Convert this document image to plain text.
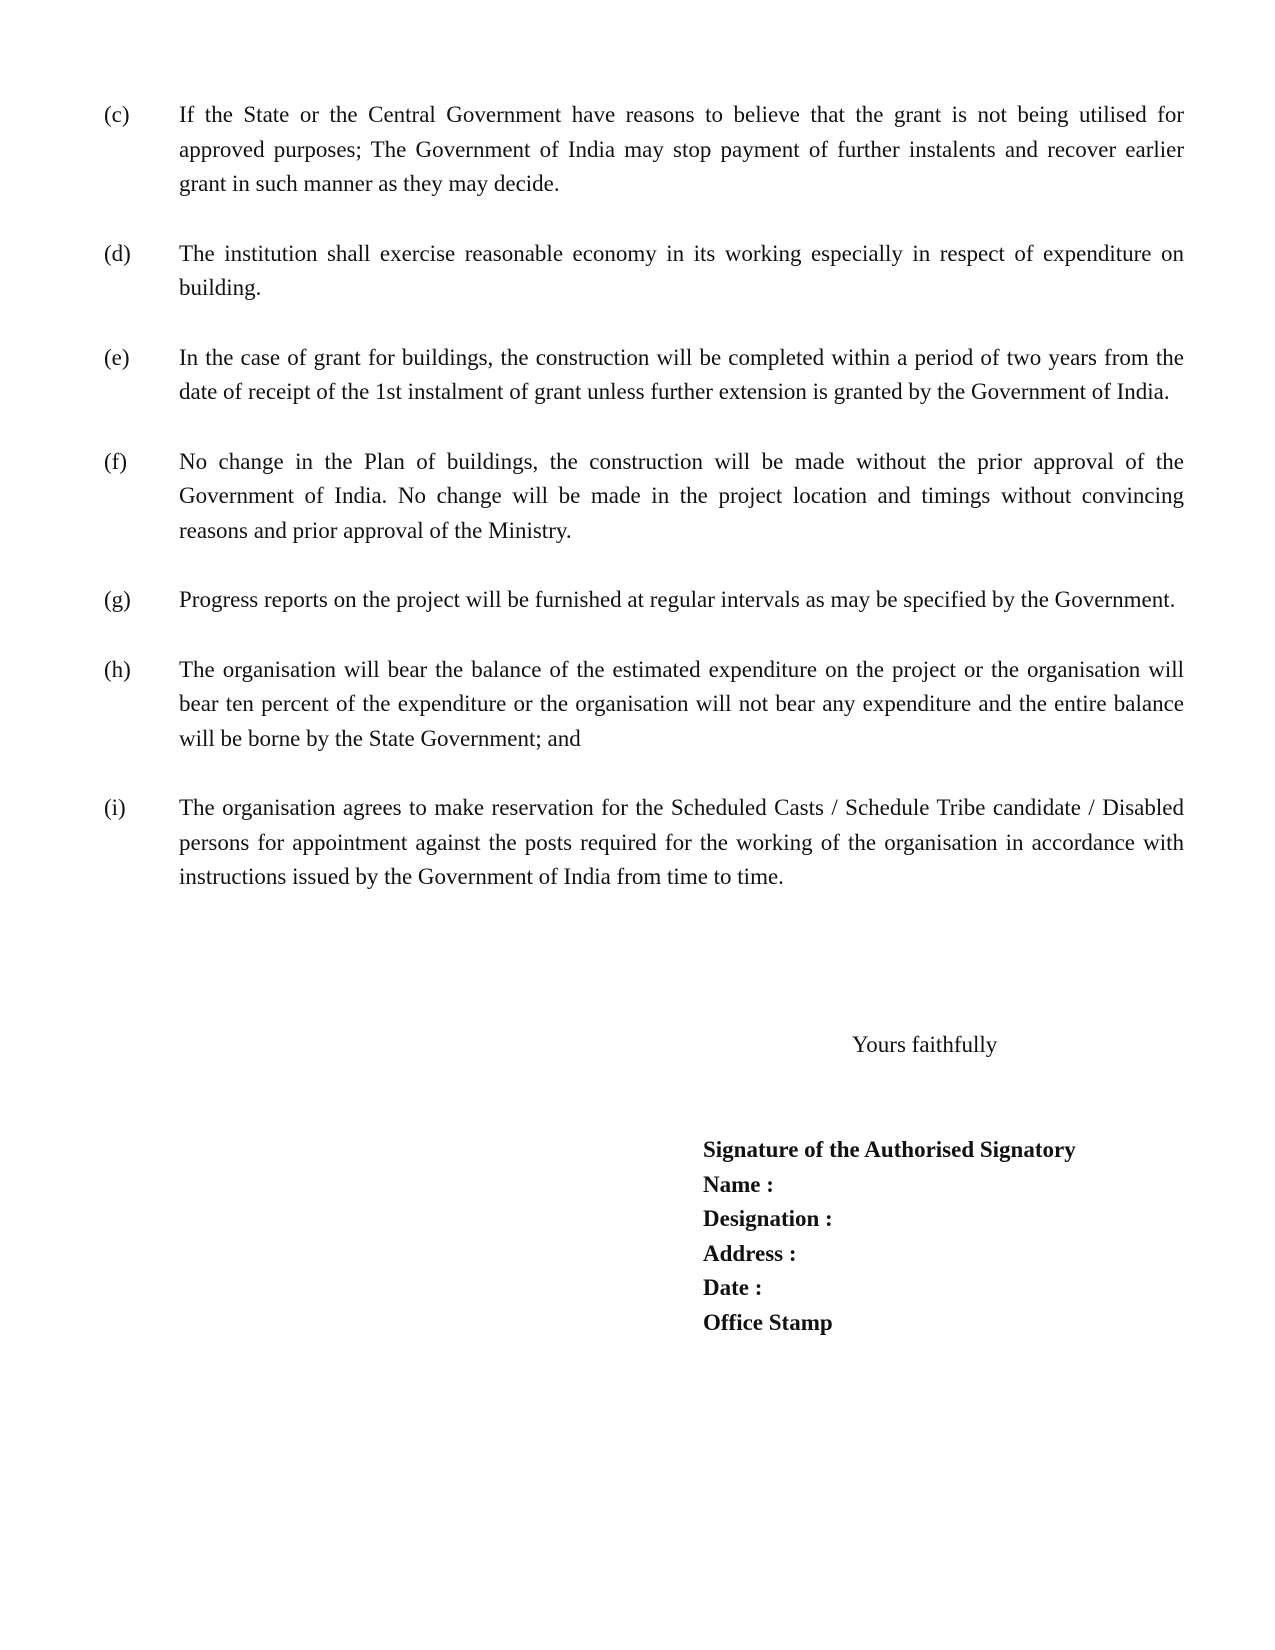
(c)	If the State or the Central Government have reasons to believe that the grant is not being utilised for approved purposes; The Government of India may stop payment of further instalents and recover earlier grant in such manner as they may decide.
(d)	The institution shall exercise reasonable economy in its working especially in respect of expenditure on building.
(e)	In the case of grant for buildings, the construction will be completed within a period of two years from the date of receipt of the 1st instalment of grant unless further extension is granted by the Government of India.
(f)	No change in the Plan of buildings, the construction will be made without the prior approval of the Government of India. No change will be made in the project location and timings without convincing reasons and prior approval of the Ministry.
(g)	Progress reports on the project will be furnished at regular intervals as may be specified by the Government.
(h)	The organisation will bear the balance of the estimated expenditure on the project or the organisation will bear ten percent of the expenditure or the organisation will not bear any expenditure and the entire balance will be borne by the State Government; and
(i)	The organisation agrees to make reservation for the Scheduled Casts / Schedule Tribe candidate / Disabled persons for appointment against the posts required for the working of the organisation in accordance with instructions issued by the Government of India from time to time.
Yours faithfully
Signature of the Authorised Signatory
Name :
Designation :
Address :
Date :
Office Stamp
